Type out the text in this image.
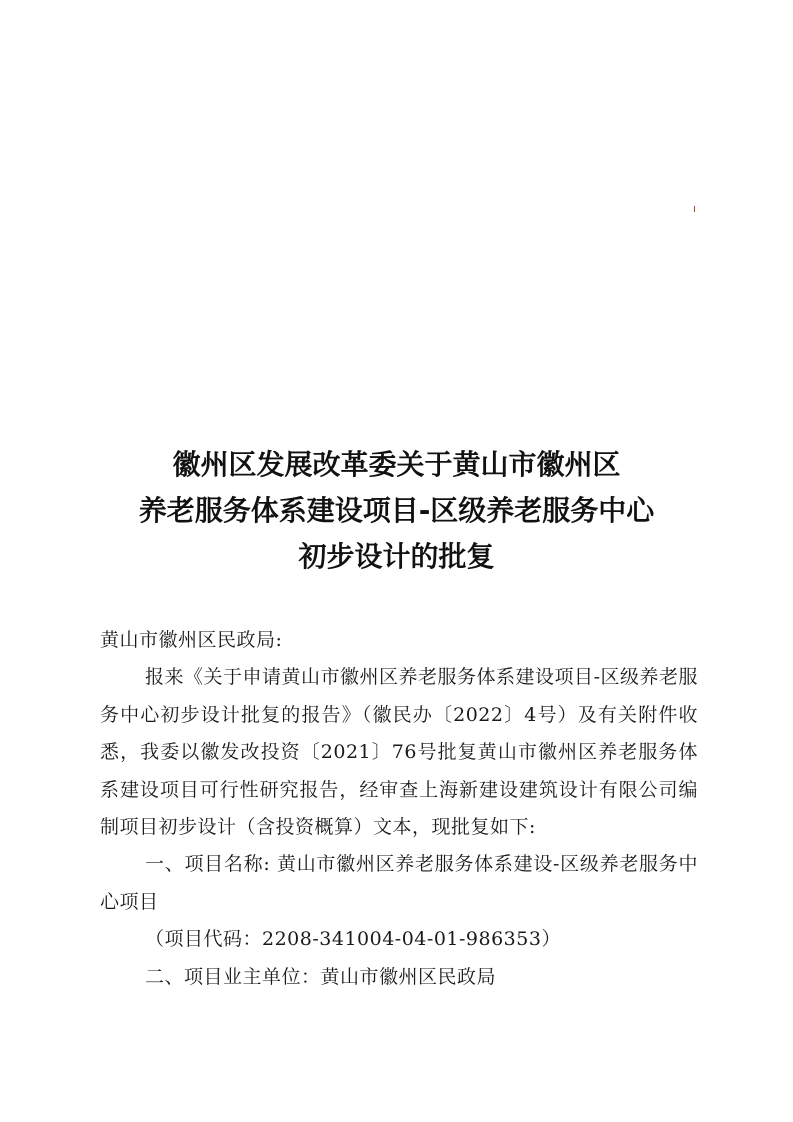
徽州区发展改革委关于黄山市徽州区
养老服务体系建设项目-区级养老服务中心
初步设计的批复

黄山市徽州区民政局:

报来《关于申请黄山市徽州区养老服务体系建设项目-区级养老服务中心初步设计批复的报告》（徽民办〔2022〕4号）及有关附件收悉，我委以徽发改投资〔2021〕76号批复黄山市徽州区养老服务体系建设项目可行性研究报告，经审查上海新建设建筑设计有限公司编制项目初步设计（含投资概算）文本，现批复如下:

一、项目名称: 黄山市徽州区养老服务体系建设-区级养老服务中心项目

（项目代码：2208-341004-04-01-986353）

二、项目业主单位：黄山市徽州区民政局
